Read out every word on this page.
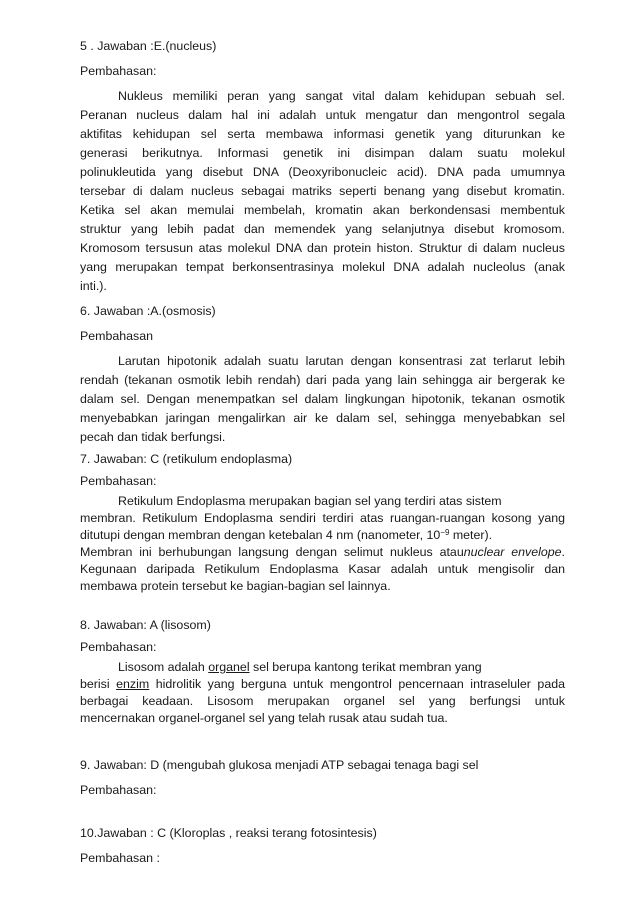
5 . Jawaban :E.(nucleus)
Pembahasan:
Nukleus memiliki peran yang sangat vital dalam kehidupan sebuah sel.
Peranan nucleus dalam hal ini adalah untuk mengatur dan mengontrol segala
aktifitas kehidupan sel serta membawa informasi genetik yang diturunkan ke
generasi berikutnya. Informasi genetik ini disimpan dalam suatu molekul
polinukleutida yang disebut DNA (Deoxyribonucleic acid). DNA pada umumnya
tersebar di dalam nucleus sebagai matriks seperti benang yang disebut kromatin.
Ketika sel akan memulai membelah, kromatin akan berkondensasi membentuk
struktur yang lebih padat dan memendek yang selanjutnya disebut kromosom.
Kromosom tersusun atas molekul DNA dan protein histon. Struktur di dalam nucleus
yang merupakan tempat berkonsentrasinya molekul DNA adalah nucleolus (anak
inti.).
6. Jawaban :A.(osmosis)
Pembahasan
Larutan hipotonik adalah suatu larutan dengan konsentrasi zat terlarut lebih
rendah (tekanan osmotik lebih rendah) dari pada yang lain sehingga air bergerak ke
dalam sel. Dengan menempatkan sel dalam lingkungan hipotonik, tekanan osmotik
menyebabkan jaringan mengalirkan air ke dalam sel, sehingga menyebabkan sel
pecah dan tidak berfungsi.
7. Jawaban: C (retikulum endoplasma)
Pembahasan:
Retikulum Endoplasma merupakan bagian sel yang terdiri atas sistem
membran. Retikulum Endoplasma sendiri terdiri atas ruangan-ruangan kosong yang
ditutupi dengan membran dengan ketebalan 4 nm (nanometer, $10^{-9}$ meter).
Membran ini berhubungan langsung dengan selimut nukleus ataunuclear envelope.
Kegunaan daripada Retikulum Endoplasma Kasar adalah untuk mengisolir dan
membawa protein tersebut ke bagian-bagian sel lainnya.
8. Jawaban: A (lisosom)
Pembahasan:
Lisosom adalah organel sel berupa kantong terikat membran yang
berisi enzim hidrolitik yang berguna untuk mengontrol pencernaan intraseluler pada
berbagai keadaan. Lisosom merupakan organel sel yang berfungsi untuk
mencernakan organel-organel sel yang telah rusak atau sudah tua.
9. Jawaban: D (mengubah glukosa menjadi ATP sebagai tenaga bagi sel
Pembahasan:
10.Jawaban : C (Kloroplas , reaksi terang fotosintesis)
Pembahasan :
